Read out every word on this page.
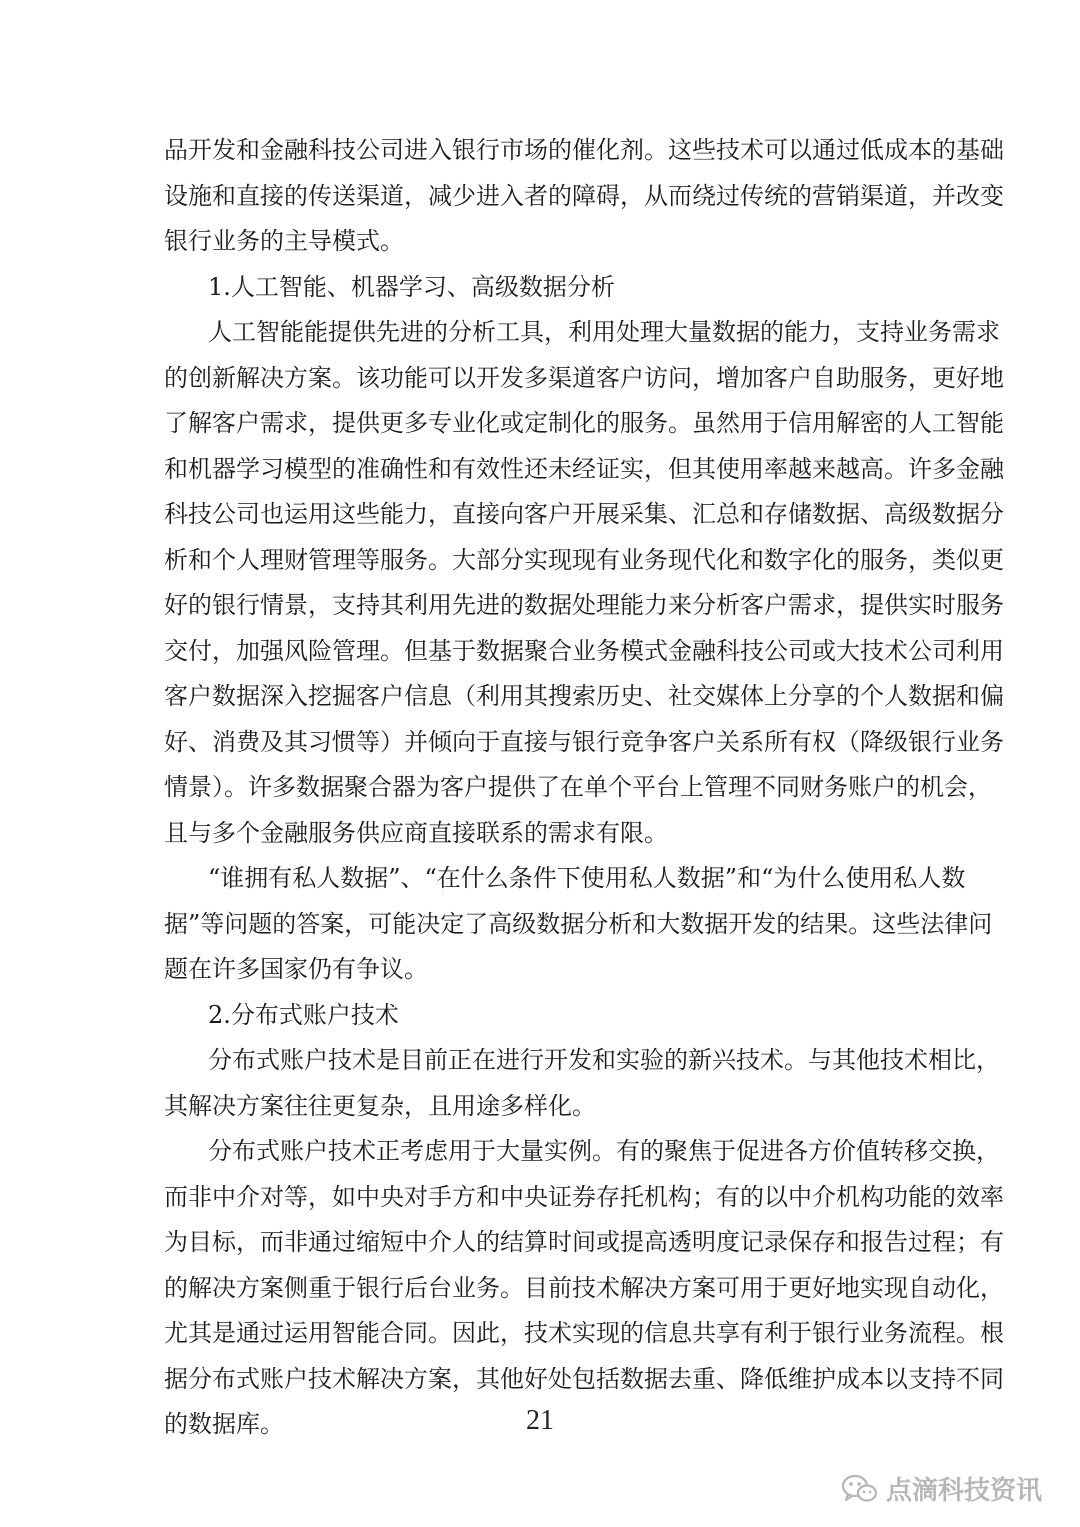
品开发和金融科技公司进入银行市场的催化剂。这些技术可以通过低成本的基础
设施和直接的传送渠道，减少进入者的障碍，从而绕过传统的营销渠道，并改变
银行业务的主导模式。
1.人工智能、机器学习、高级数据分析
人工智能能提供先进的分析工具，利用处理大量数据的能力，支持业务需求
的创新解决方案。该功能可以开发多渠道客户访问，增加客户自助服务，更好地
了解客户需求，提供更多专业化或定制化的服务。虽然用于信用解密的人工智能
和机器学习模型的准确性和有效性还未经证实，但其使用率越来越高。许多金融
科技公司也运用这些能力，直接向客户开展采集、汇总和存储数据、高级数据分
析和个人理财管理等服务。大部分实现现有业务现代化和数字化的服务，类似更
好的银行情景，支持其利用先进的数据处理能力来分析客户需求，提供实时服务
交付，加强风险管理。但基于数据聚合业务模式金融科技公司或大技术公司利用
客户数据深入挖掘客户信息（利用其搜索历史、社交媒体上分享的个人数据和偏
好、消费及其习惯等）并倾向于直接与银行竞争客户关系所有权（降级银行业务
情景）。许多数据聚合器为客户提供了在单个平台上管理不同财务账户的机会，
且与多个金融服务供应商直接联系的需求有限。
“谁拥有私人数据”、“在什么条件下使用私人数据”和“为什么使用私人数
据”等问题的答案，可能决定了高级数据分析和大数据开发的结果。这些法律问
题在许多国家仍有争议。
2.分布式账户技术
分布式账户技术是目前正在进行开发和实验的新兴技术。与其他技术相比，
其解决方案往往更复杂，且用途多样化。
分布式账户技术正考虑用于大量实例。有的聚焦于促进各方价值转移交换，
而非中介对等，如中央对手方和中央证券存托机构；有的以中介机构功能的效率
为目标，而非通过缩短中介人的结算时间或提高透明度记录保存和报告过程；有
的解决方案侧重于银行后台业务。目前技术解决方案可用于更好地实现自动化，
尤其是通过运用智能合同。因此，技术实现的信息共享有利于银行业务流程。根
据分布式账户技术解决方案，其他好处包括数据去重、降低维护成本以支持不同
的数据库。	21
点滴科技资讯
